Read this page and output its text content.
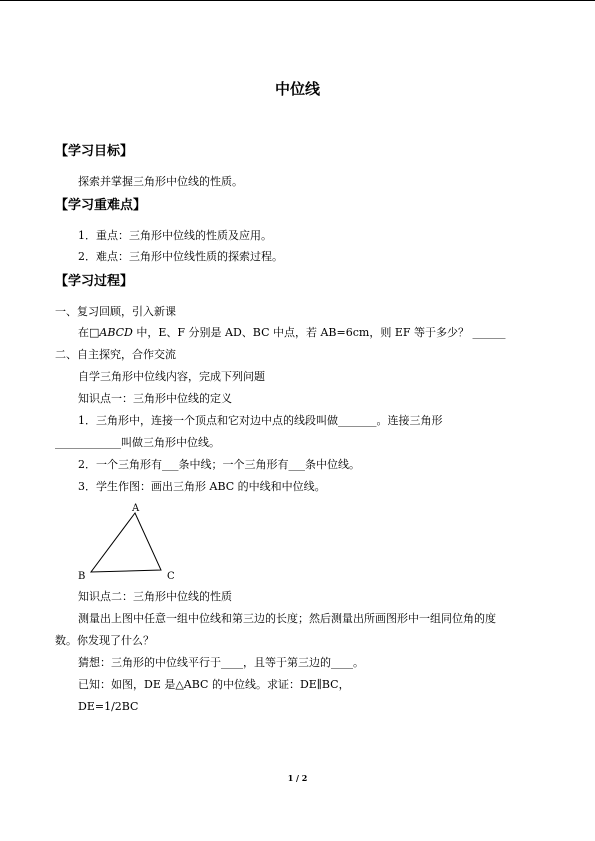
中位线
【学习目标】
探索并掌握三角形中位线的性质。
【学习重难点】
1．重点：三角形中位线的性质及应用。
2．难点：三角形中位线性质的探索过程。
【学习过程】
一、复习回顾，引入新课
在□ABCD 中，E、F 分别是 AD、BC 中点，若 AB=6cm，则 EF 等于多少？ ______
二、自主探究，合作交流
自学三角形中位线内容，完成下列问题
知识点一：三角形中位线的定义
1．三角形中，连接一个顶点和它对边中点的线段叫做_______。连接三角形
____________叫做三角形中位线。
2．一个三角形有___条中线；一个三角形有___条中位线。
3．学生作图：画出三角形 ABC 的中线和中位线。
A
B	C
知识点二：三角形中位线的性质
测量出上图中任意一组中位线和第三边的长度；然后测量出所画图形中一组同位角的度
数。你发现了什么？
猜想：三角形的中位线平行于____，且等于第三边的____。
已知：如图，DE 是△ABC 的中位线。求证：DE∥BC，
DE=1/2BC
1 / 2
